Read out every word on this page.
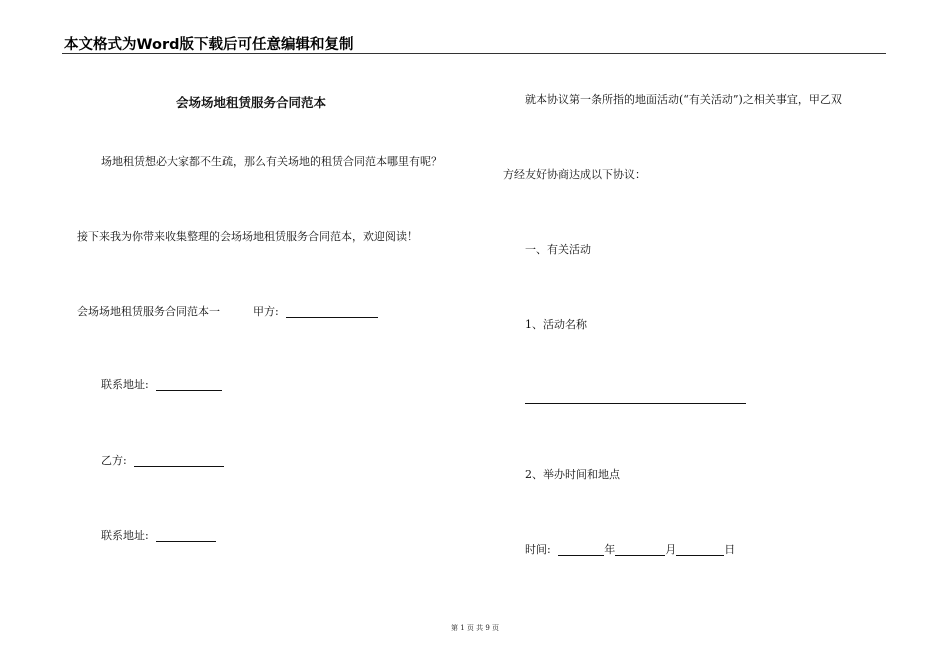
本文格式为Word版下载后可任意编辑和复制
会场场地租赁服务合同范本
场地租赁想必大家都不生疏，那么有关场地的租赁合同范本哪里有呢？
接下来我为你带来收集整理的会场场地租赁服务合同范本，欢迎阅读！
会场场地租赁服务合同范本一	甲方:
联系地址:
乙方:
联系地址:
就本协议第一条所指的地面活动(“有关活动”)之相关事宜，甲乙双
方经友好协商达成以下协议：
一、有关活动
1、活动名称
2、举办时间和地点
时间:	年	月	日
第 1 页 共 9 页
